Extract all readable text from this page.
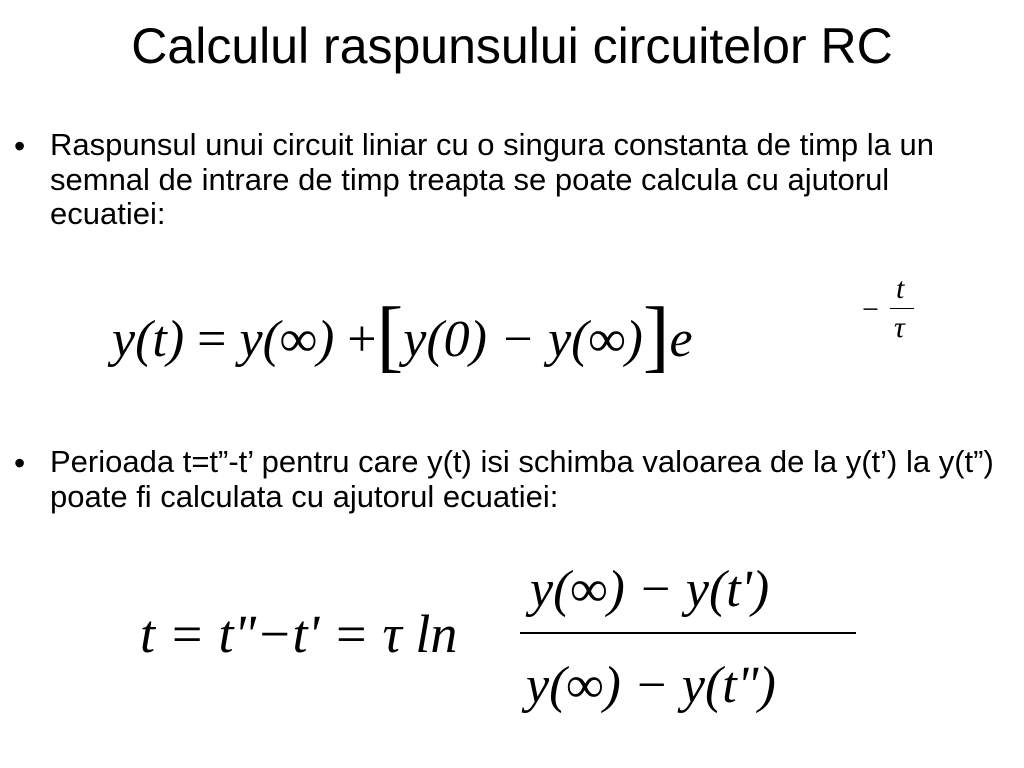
Calculul raspunsului circuitelor RC
• Raspunsul unui circuit liniar cu o singura constanta de timp la un semnal de intrare de timp treapta se poate calcula cu ajutorul ecuatiei:
y(t) = y(∞) +[y(0) − y(∞)]e
−
t
τ
• Perioada t=t”-t’ pentru care y(t) isi schimba valoarea de la y(t’) la y(t”) poate fi calculata cu ajutorul ecuatiei:
t = t"−t' = τ ln
y(∞) − y(t')
y(∞) − y(t")
